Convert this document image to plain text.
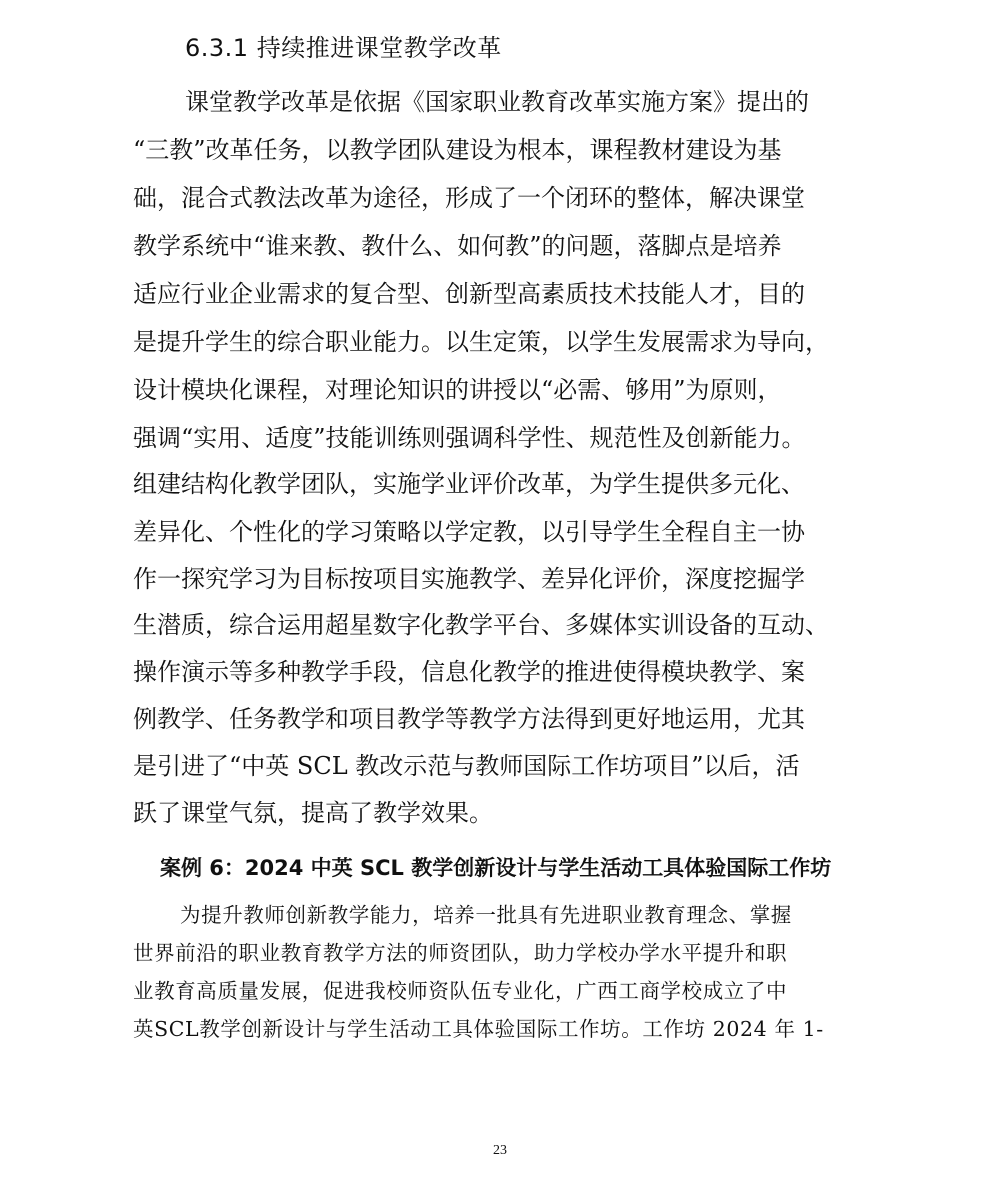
6.3.1 持续推进课堂教学改革
课堂教学改革是依据《国家职业教育改革实施方案》提出的
“三教”改革任务，以教学团队建设为根本，课程教材建设为基
础，混合式教法改革为途径，形成了一个闭环的整体，解决课堂
教学系统中“谁来教、教什么、如何教”的问题，落脚点是培养
适应行业企业需求的复合型、创新型高素质技术技能人才，目的
是提升学生的综合职业能力。以生定策，以学生发展需求为导向，
设计模块化课程，对理论知识的讲授以“必需、够用”为原则，
强调“实用、适度”技能训练则强调科学性、规范性及创新能力。
组建结构化教学团队，实施学业评价改革，为学生提供多元化、
差异化、个性化的学习策略以学定教，以引导学生全程自主一协
作一探究学习为目标按项目实施教学、差异化评价，深度挖掘学
生潜质，综合运用超星数字化教学平台、多媒体实训设备的互动、
操作演示等多种教学手段，信息化教学的推进使得模块教学、案
例教学、任务教学和项目教学等教学方法得到更好地运用，尤其
是引进了“中英 SCL 教改示范与教师国际工作坊项目”以后，活
跃了课堂气氛，提高了教学效果。
案例 6：2024 中英 SCL 教学创新设计与学生活动工具体验国际工作坊
为提升教师创新教学能力，培养一批具有先进职业教育理念、掌握
世界前沿的职业教育教学方法的师资团队，助力学校办学水平提升和职
业教育高质量发展，促进我校师资队伍专业化，广西工商学校成立了中
英SCL教学创新设计与学生活动工具体验国际工作坊。工作坊 2024 年 1-
23
